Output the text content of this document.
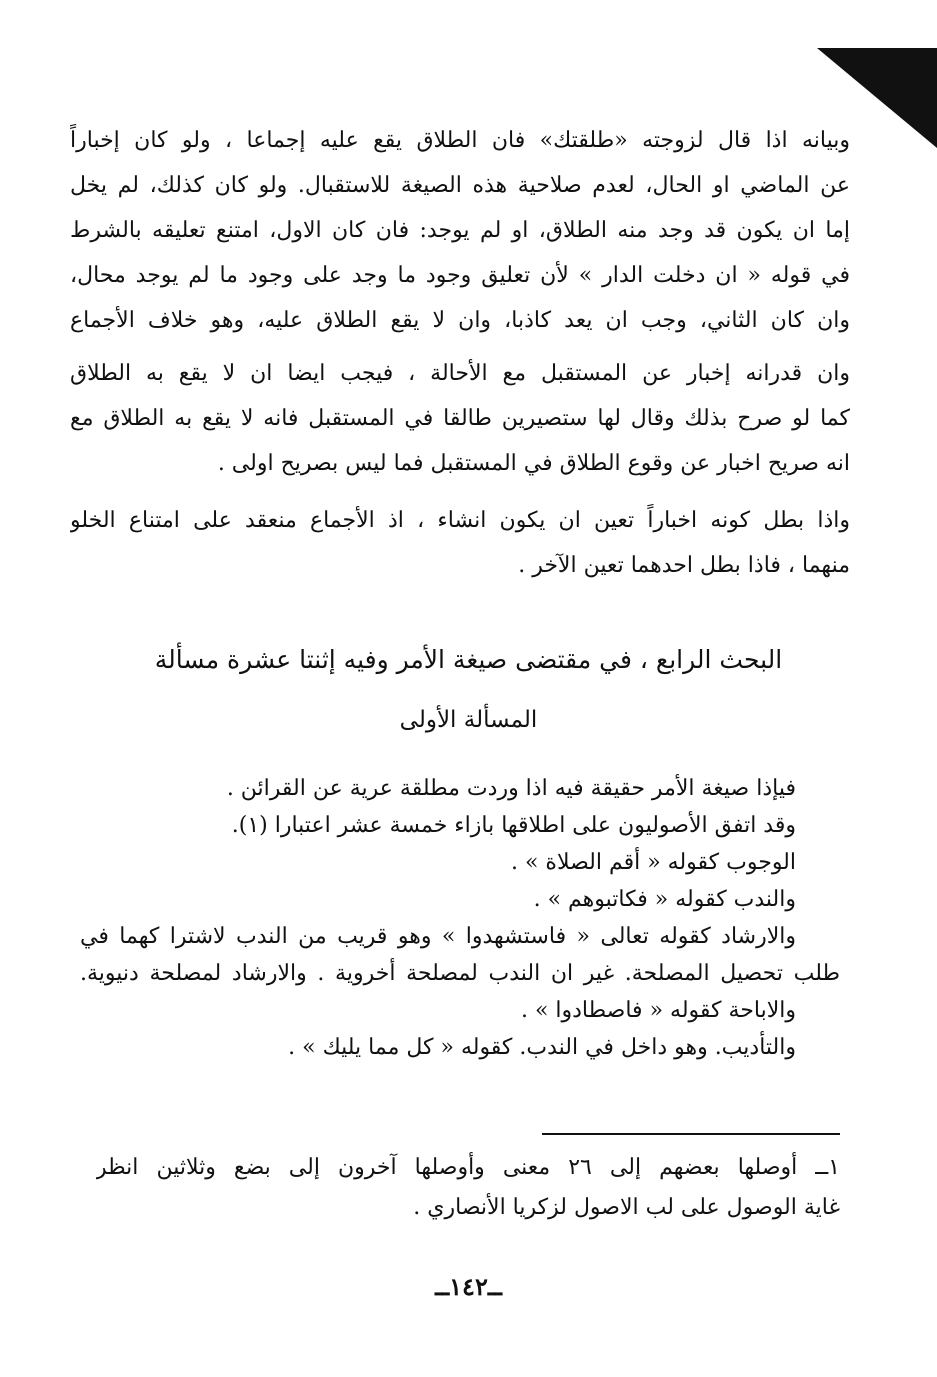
وبيانه اذا قال لزوجته «طلقتك» فان الطلاق يقع عليه إجماعا ، ولو كان إخباراً
عن الماضي او الحال، لعدم صلاحية هذه الصيغة للاستقبال. ولو كان كذلك، لم يخل
إما ان يكون قد وجد منه الطلاق، او لم يوجد: فان كان الاول، امتنع تعليقه بالشرط
في قوله « ان دخلت الدار » لأن تعليق وجود ما وجد على وجود ما لم يوجد محال،
وان كان الثاني، وجب ان يعد كاذبا، وان لا يقع الطلاق عليه، وهو خلاف الأجماع
وان قدرانه إخبار عن المستقبل مع الأحالة ، فيجب ايضا ان لا يقع به الطلاق
كما لو صرح بذلك وقال لها ستصيرين طالقا في المستقبل فانه لا يقع به الطلاق مع
انه صريح اخبار عن وقوع الطلاق في المستقبل فما ليس بصريح اولى .
واذا بطل كونه اخباراً تعين ان يكون انشاء ، اذ الأجماع منعقد على امتناع الخلو
منهما ، فاذا بطل احدهما تعين الآخر .
البحث الرابع ، في مقتضى صيغة الأمر وفيه إثنتا عشرة مسألة
المسألة الأولى
فيإذا صيغة الأمر حقيقة فيه اذا وردت مطلقة عرية عن القرائن .
وقد اتفق الأصوليون على اطلاقها بازاء خمسة عشر اعتبارا (١).
الوجوب كقوله « أقم الصلاة » .
والندب كقوله « فكاتبوهم » .
والارشاد كقوله تعالى « فاستشهدوا » وهو قريب من الندب لاشترا كهما في
طلب تحصيل المصلحة. غير ان الندب لمصلحة أخروية . والارشاد لمصلحة دنيوية.
والاباحة كقوله « فاصطادوا » .
والتأديب. وهو داخل في الندب. كقوله « كل مما يليك » .
١ــ أوصلها بعضهم إلى ٢٦ معنى وأوصلها آخرون إلى بضع وثلاثين انظر
غاية الوصول على لب الاصول لزكريا الأنصاري .
ــ١٤٢ــ
